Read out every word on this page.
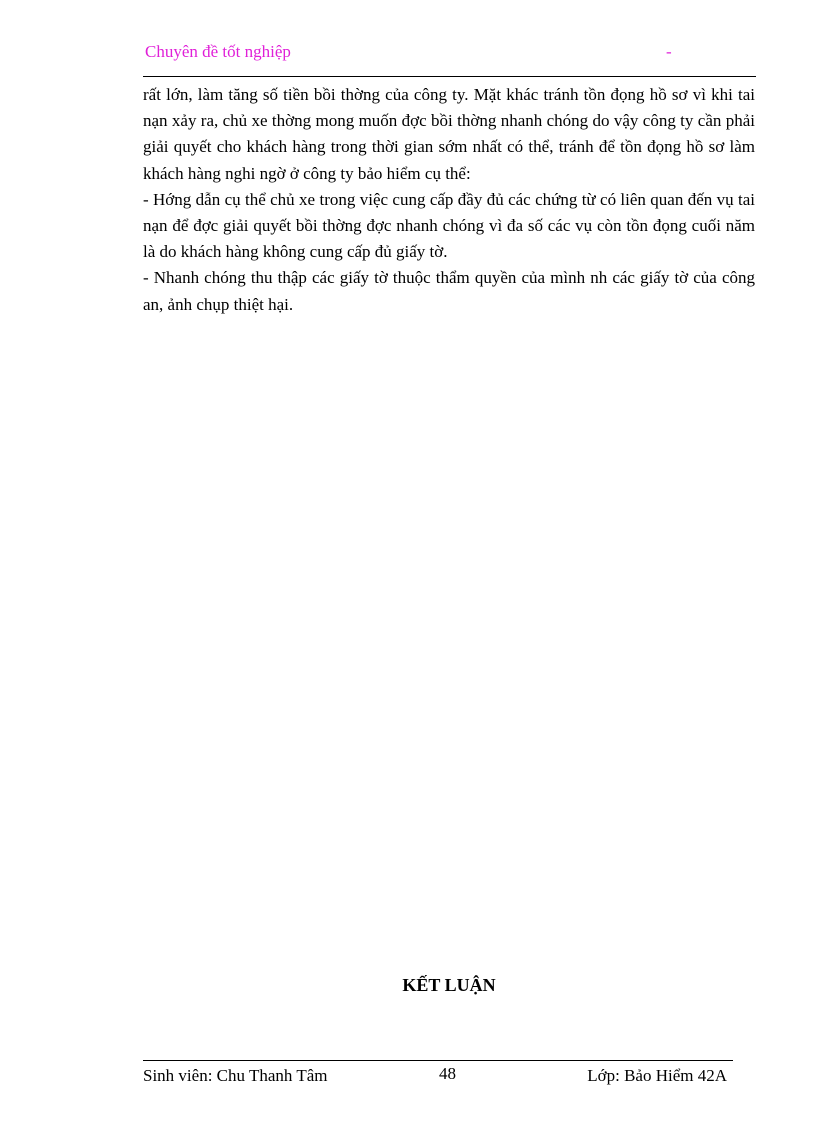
Chuyên đề tốt nghiệp	-

rất lớn, làm tăng số tiền bồi thờng của công ty. Mặt khác tránh tồn đọng hồ sơ vì khi tai nạn xảy ra, chủ xe thờng mong muốn đợc bồi thờng nhanh chóng do vậy công ty cần phải giải quyết cho khách hàng trong thời gian sớm nhất có thể, tránh để tồn đọng hồ sơ làm khách hàng nghi ngờ ở công ty bảo hiểm cụ thể:

- Hớng dẫn cụ thể chủ xe trong việc cung cấp đầy đủ các chứng từ có liên quan đến vụ tai nạn để đợc giải quyết bồi thờng đợc nhanh chóng vì đa số các vụ còn tồn đọng cuối năm là do khách hàng không cung cấp đủ giấy tờ.

- Nhanh chóng thu thập các giấy tờ thuộc thẩm quyền của mình nh các giấy tờ của công an, ảnh chụp thiệt hại.

KẾT LUẬN
Sinh viên: Chu Thanh Tâm	48	Lớp: Bảo Hiểm 42A
